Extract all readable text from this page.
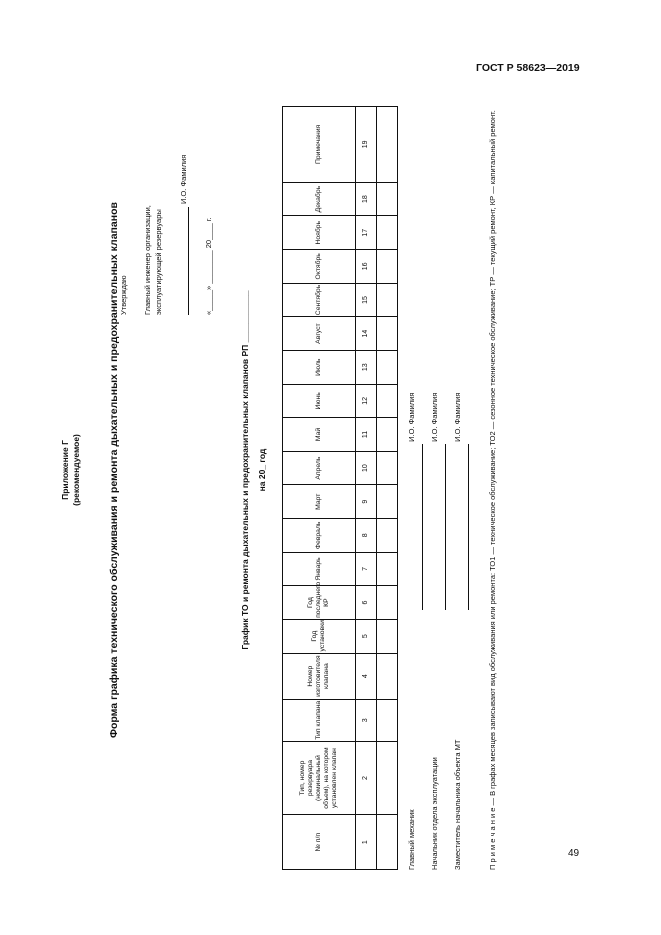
ГОСТ Р 58623—2019
49
Приложение Г (рекомендуемое)	Форма графика технического обслуживания и ремонта дыхательных и предохранительных клапанов Утверждаю Главный инженер организации, эксплуатирующей резервуары
И.О. Фамилия
«_____» ________ 20____ г.
График ТО и ремонта дыхательных и предохранительных клапанов РП ___________ на 20_ год
№ п/п	Тип, номер резервуара (номинальный объем), на котором установлен клапан	Тип клапана	Номер изготовителя клапана	Год установки	Год последнего КР	Январь	Февраль	Март	Апрель	Май	Июнь	Июль	Август	Сентябрь	Октябрь	Ноябрь	Декабрь	Примечания
1	2	3	4	5	6	7	8	9	10	11	12	13	14	15	16	17	18	19

Главный механик И.О. Фамилия
Начальник отдела эксплуатации И.О. Фамилия
Заместитель начальника объекта МТ И.О. Фамилия	П р и м е ч а н и е — В графах месяцев записывают вид обслуживания или ремонта: ТО1 — техническое обслуживание; ТО2 — сезонное техническое обслуживание; ТР — текущий ремонт, КР — капитальный ремонт.
